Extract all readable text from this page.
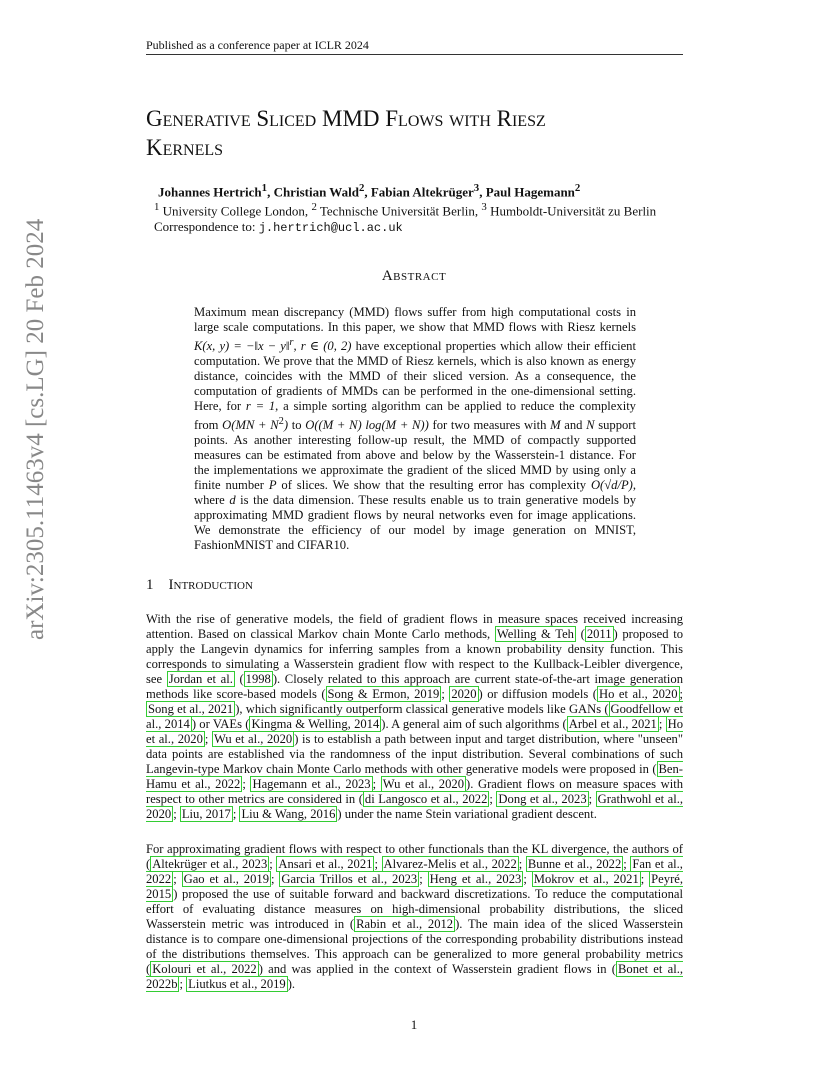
Published as a conference paper at ICLR 2024
arXiv:2305.11463v4 [cs.LG] 20 Feb 2024
Generative Sliced MMD Flows with Riesz
Kernels
Johannes Hertrich$^1$, Christian Wald$^2$, Fabian Altekrüger$^3$, Paul Hagemann$^2$
$^1$ University College London, $^2$ Technische Universität Berlin, $^3$ Humboldt-Universität zu Berlin
Correspondence to: j.hertrich@ucl.ac.uk
Abstract
Maximum mean discrepancy (MMD) flows suffer from high computational costs in large scale computations. In this paper, we show that MMD flows with Riesz kernels K(x, y) = −‖x − y‖$^r$, r ∈ (0, 2) have exceptional properties which allow their efficient computation. We prove that the MMD of Riesz kernels, which is also known as energy distance, coincides with the MMD of their sliced version. As a consequence, the computation of gradients of MMDs can be performed in the one-dimensional setting. Here, for r = 1, a simple sorting algorithm can be applied to reduce the complexity from $O(MN + N^2)$ to O((M + N) log(M + N)) for two measures with M and N support points. As another interesting follow-up result, the MMD of compactly supported measures can be estimated from above and below by the Wasserstein-1 distance. For the implementations we approximate the gradient of the sliced MMD by using only a finite number P of slices. We show that the resulting error has complexity O(√d/P), where d is the data dimension. These results enable us to train generative models by approximating MMD gradient flows by neural networks even for image applications. We demonstrate the efficiency of our model by image generation on MNIST, FashionMNIST and CIFAR10.
1 Introduction
With the rise of generative models, the field of gradient flows in measure spaces received increasing attention. Based on classical Markov chain Monte Carlo methods, Welling & Teh ( 2011 ) proposed to apply the Langevin dynamics for inferring samples from a known probability density function. This corresponds to simulating a Wasserstein gradient flow with respect to the Kullback-Leibler divergence, see Jordan et al. ( 1998 ). Closely related to this approach are current state-of-the-art image generation methods like score-based models ( Song & Ermon, 2019 ; 2020 ) or diffusion models ( Ho et al., 2020 ; Song et al., 2021 ), which significantly outperform classical generative models like GANs ( Goodfellow et al., 2014 ) or VAEs ( Kingma & Welling, 2014 ). A general aim of such algorithms ( Arbel et al., 2021 ; Ho et al., 2020 ; Wu et al., 2020 ) is to establish a path between input and target distribution, where "unseen" data points are established via the randomness of the input distribution. Several combinations of such Langevin-type Markov chain Monte Carlo methods with other generative models were proposed in ( Ben-Hamu et al., 2022 ; Hagemann et al., 2023 ; Wu et al., 2020 ). Gradient flows on measure spaces with respect to other metrics are considered in ( di Langosco et al., 2022 ; Dong et al., 2023 ; Grathwohl et al., 2020 ; Liu, 2017 ; Liu & Wang, 2016 ) under the name Stein variational gradient descent.
For approximating gradient flows with respect to other functionals than the KL divergence, the authors of ( Altekrüger et al., 2023 ; Ansari et al., 2021 ; Alvarez-Melis et al., 2022 ; Bunne et al., 2022 ; Fan et al., 2022 ; Gao et al., 2019 ; Garcia Trillos et al., 2023 ; Heng et al., 2023 ; Mokrov et al., 2021 ; Peyré, 2015 ) proposed the use of suitable forward and backward discretizations. To reduce the computational effort of evaluating distance measures on high-dimensional probability distributions, the sliced Wasserstein metric was introduced in ( Rabin et al., 2012 ). The main idea of the sliced Wasserstein distance is to compare one-dimensional projections of the corresponding probability distributions instead of the distributions themselves. This approach can be generalized to more general probability metrics ( Kolouri et al., 2022 ) and was applied in the context of Wasserstein gradient flows in ( Bonet et al., 2022b ; Liutkus et al., 2019 ).
1
